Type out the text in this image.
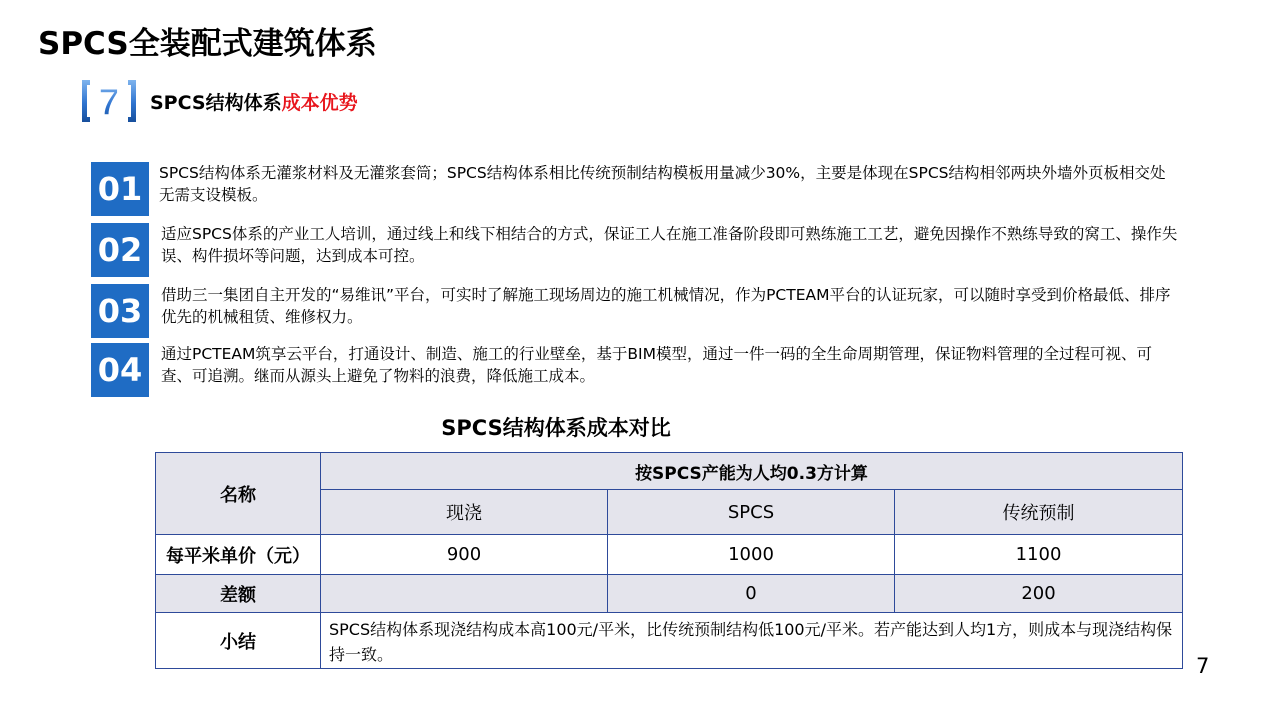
SPCS全装配式建筑体系
7 SPCS结构体系成本优势
01	SPCS结构体系无灌浆材料及无灌浆套筒；SPCS结构体系相比传统预制结构模板用量减少30%，主要是体现在SPCS结构相邻两块外墙外页板相交处无需支设模板。
02	适应SPCS体系的产业工人培训，通过线上和线下相结合的方式，保证工人在施工准备阶段即可熟练施工工艺，避免因操作不熟练导致的窝工、操作失误、构件损坏等问题，达到成本可控。
03	借助三一集团自主开发的“易维讯”平台，可实时了解施工现场周边的施工机械情况，作为PCTEAM平台的认证玩家，可以随时享受到价格最低、排序优先的机械租赁、维修权力。
04	通过PCTEAM筑享云平台，打通设计、制造、施工的行业壁垒，基于BIM模型，通过一件一码的全生命周期管理，保证物料管理的全过程可视、可查、可追溯。继而从源头上避免了物料的浪费，降低施工成本。
SPCS结构体系成本对比
名称	按SPCS产能为人均0.3方计算		
	现浇	SPCS	传统预制
每平米单价（元）	900	1000	1100
差额		0	200
小结	SPCS结构体系现浇结构成本高100元/平米，比传统预制结构低100元/平米。若产能达到人均1方，则成本与现浇结构保持一致。			7
